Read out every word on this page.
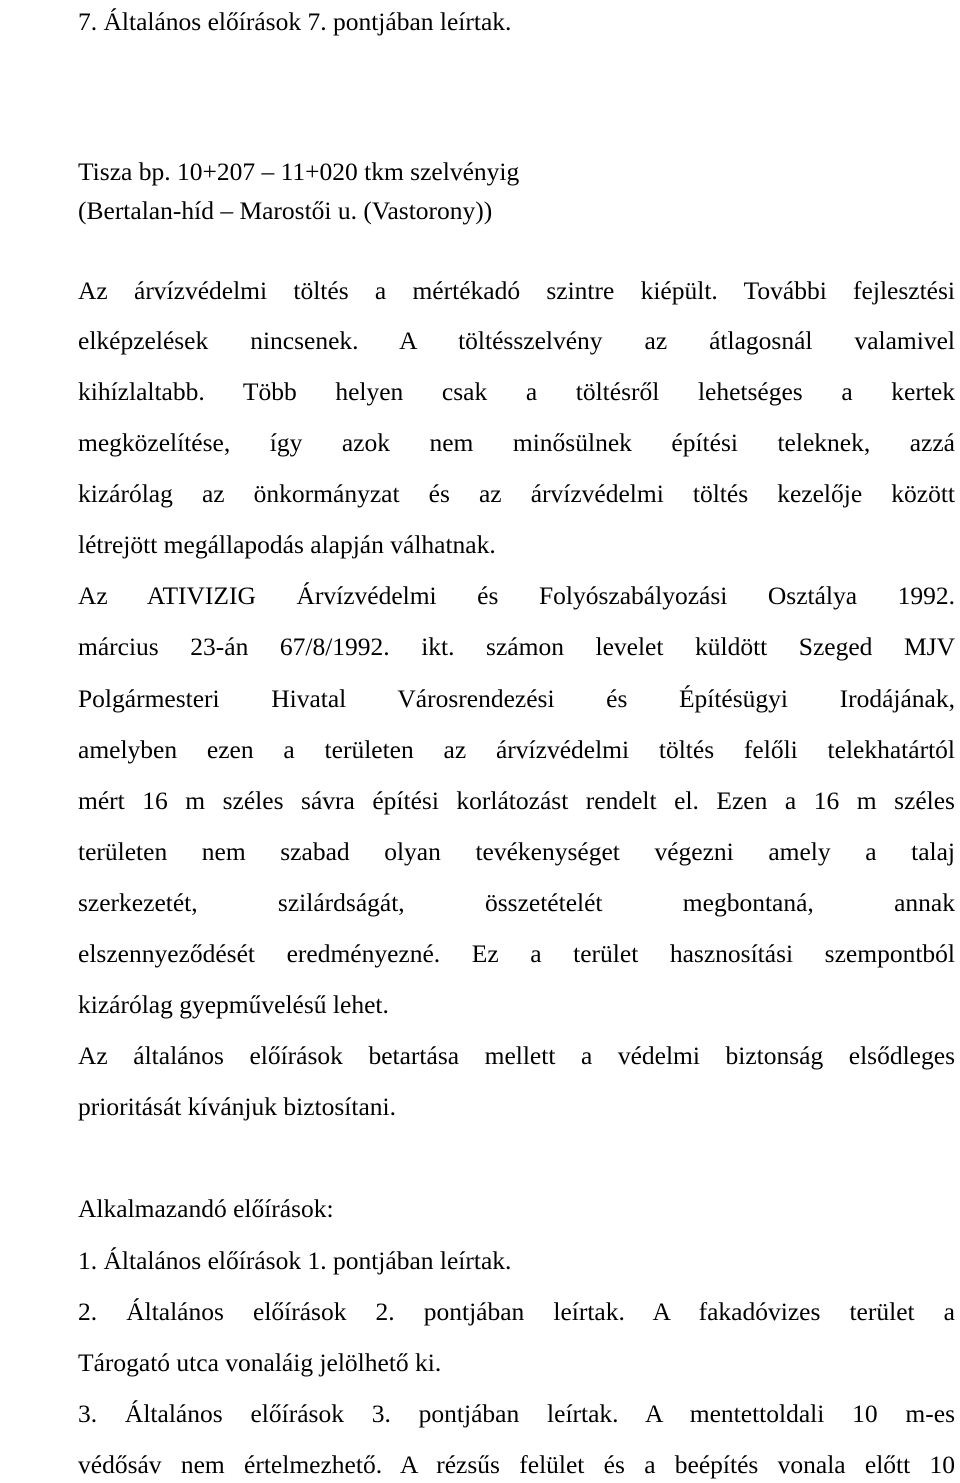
7. Általános előírások 7. pontjában leírtak.
Tisza bp. 10+207 – 11+020 tkm szelvényig
(Bertalan-híd – Marostői u. (Vastorony))
Az árvízvédelmi töltés a mértékadó szintre kiépült. További fejlesztési
elképzelések nincsenek. A töltésszelvény az átlagosnál valamivel
kihízlaltabb. Több helyen csak a töltésről lehetséges a kertek
megközelítése, így azok nem minősülnek építési teleknek, azzá
kizárólag az önkormányzat és az árvízvédelmi töltés kezelője között
létrejött megállapodás alapján válhatnak.
Az ATIVIZIG Árvízvédelmi és Folyószabályozási Osztálya 1992.
március 23-án 67/8/1992. ikt. számon levelet küldött Szeged MJV
Polgármesteri Hivatal Városrendezési és Építésügyi Irodájának,
amelyben ezen a területen az árvízvédelmi töltés felőli telekhatártól
mért 16 m széles sávra építési korlátozást rendelt el. Ezen a 16 m széles
területen nem szabad olyan tevékenységet végezni amely a talaj
szerkezetét, szilárdságát, összetételét megbontaná, annak
elszennyeződését eredményezné. Ez a terület hasznosítási szempontból
kizárólag gyepművelésű lehet.
Az általános előírások betartása mellett a védelmi biztonság elsődleges
prioritását kívánjuk biztosítani.
Alkalmazandó előírások:
1. Általános előírások 1. pontjában leírtak.
2. Általános előírások 2. pontjában leírtak. A fakadóvizes terület a
Tárogató utca vonaláig jelölhető ki.
3. Általános előírások 3. pontjában leírtak. A mentettoldali 10 m-es
védősáv nem értelmezhető. A rézsűs felület és a beépítés vonala előtt 10
